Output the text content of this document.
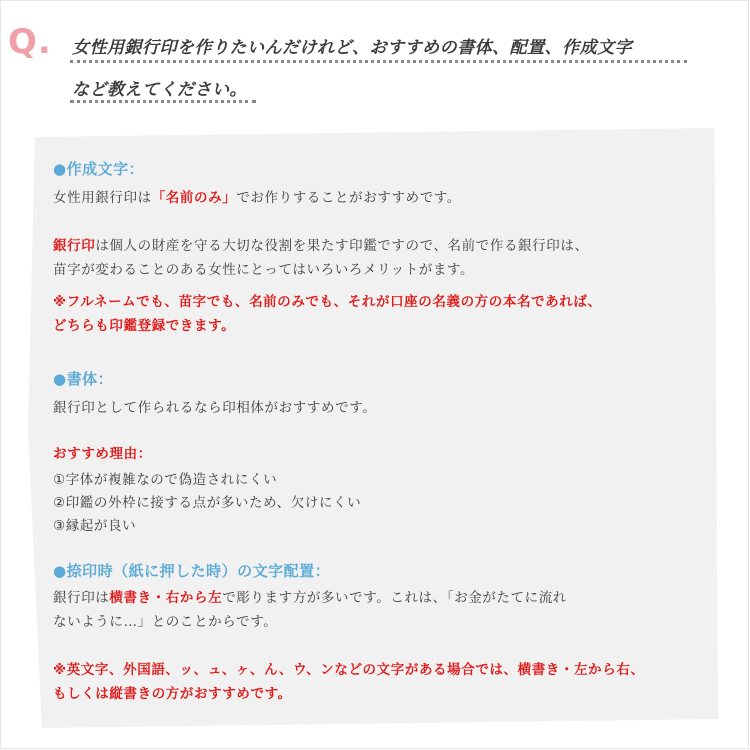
Q. 女性用銀行印を作りたいんだけれど、おすすめの書体、配置、作成文字
など教えてください。
●作成文字：
女性用銀行印は「名前のみ」でお作りすることがおすすめです。
銀行印は個人の財産を守る大切な役割を果たす印鑑ですので、名前で作る銀行印は、
苗字が変わることのある女性にとってはいろいろメリットがます。
※フルネームでも、苗字でも、名前のみでも、それが口座の名義の方の本名であれば、
どちらも印鑑登録できます。
●書体：
銀行印として作られるなら印相体がおすすめです。
おすすめ理由：
①字体が複雑なので偽造されにくい
②印鑑の外枠に接する点が多いため、欠けにくい
③縁起が良い
●捺印時（紙に押した時）の文字配置：
銀行印は横書き・右から左で彫ります方が多いです。これは、「お金がたてに流れ
ないように…」とのことからです。
※英文字、外国語、ッ、ュ、ヶ、ん、ウ、ンなどの文字がある場合では、横書き・左から右、
もしくは縦書きの方がおすすめです。
